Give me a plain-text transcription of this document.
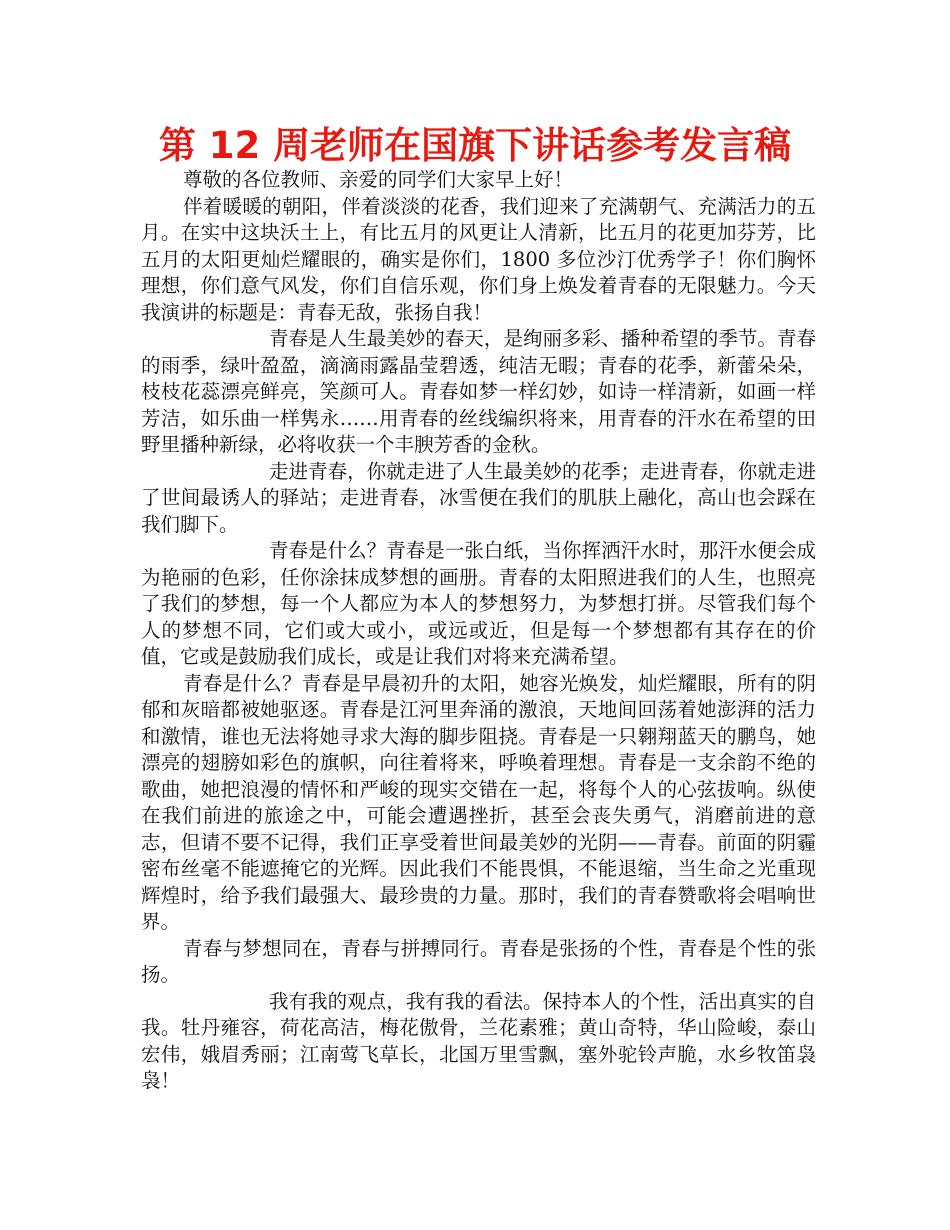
第 12 周老师在国旗下讲话参考发言稿

尊敬的各位教师、亲爱的同学们大家早上好！

伴着暖暖的朝阳，伴着淡淡的花香，我们迎来了充满朝气、充满活力的五月。在实中这块沃土上，有比五月的风更让人清新，比五月的花更加芬芳，比五月的太阳更灿烂耀眼的，确实是你们，1800 多位沙汀优秀学子！你们胸怀理想，你们意气风发，你们自信乐观，你们身上焕发着青春的无限魅力。今天我演讲的标题是：青春无敌，张扬自我！

青春是人生最美妙的春天，是绚丽多彩、播种希望的季节。青春的雨季，绿叶盈盈，滴滴雨露晶莹碧透，纯洁无暇；青春的花季，新蕾朵朵，枝枝花蕊漂亮鲜亮，笑颜可人。青春如梦一样幻妙，如诗一样清新，如画一样芳洁，如乐曲一样隽永……用青春的丝线编织将来，用青春的汗水在希望的田野里播种新绿，必将收获一个丰腴芳香的金秋。

走进青春，你就走进了人生最美妙的花季；走进青春，你就走进了世间最诱人的驿站；走进青春，冰雪便在我们的肌肤上融化，高山也会踩在我们脚下。

青春是什么？青春是一张白纸，当你挥洒汗水时，那汗水便会成为艳丽的色彩，任你涂抹成梦想的画册。青春的太阳照进我们的人生，也照亮了我们的梦想，每一个人都应为本人的梦想努力，为梦想打拼。尽管我们每个人的梦想不同，它们或大或小，或远或近，但是每一个梦想都有其存在的价值，它或是鼓励我们成长，或是让我们对将来充满希望。

青春是什么？青春是早晨初升的太阳，她容光焕发，灿烂耀眼，所有的阴郁和灰暗都被她驱逐。青春是江河里奔涌的激浪，天地间回荡着她澎湃的活力和激情，谁也无法将她寻求大海的脚步阻挠。青春是一只翱翔蓝天的鹏鸟，她漂亮的翅膀如彩色的旗帜，向往着将来，呼唤着理想。青春是一支余韵不绝的歌曲，她把浪漫的情怀和严峻的现实交错在一起，将每个人的心弦拔响。纵使在我们前进的旅途之中，可能会遭遇挫折，甚至会丧失勇气，消磨前进的意志，但请不要不记得，我们正享受着世间最美妙的光阴——青春。前面的阴霾密布丝毫不能遮掩它的光辉。因此我们不能畏惧，不能退缩，当生命之光重现辉煌时，给予我们最强大、最珍贵的力量。那时，我们的青春赞歌将会唱响世界。

青春与梦想同在，青春与拼搏同行。青春是张扬的个性，青春是个性的张扬。

我有我的观点，我有我的看法。保持本人的个性，活出真实的自我。牡丹雍容，荷花高洁，梅花傲骨，兰花素雅；黄山奇特，华山险峻，泰山宏伟，娥眉秀丽；江南莺飞草长，北国万里雪飘，塞外驼铃声脆，水乡牧笛袅袅！
